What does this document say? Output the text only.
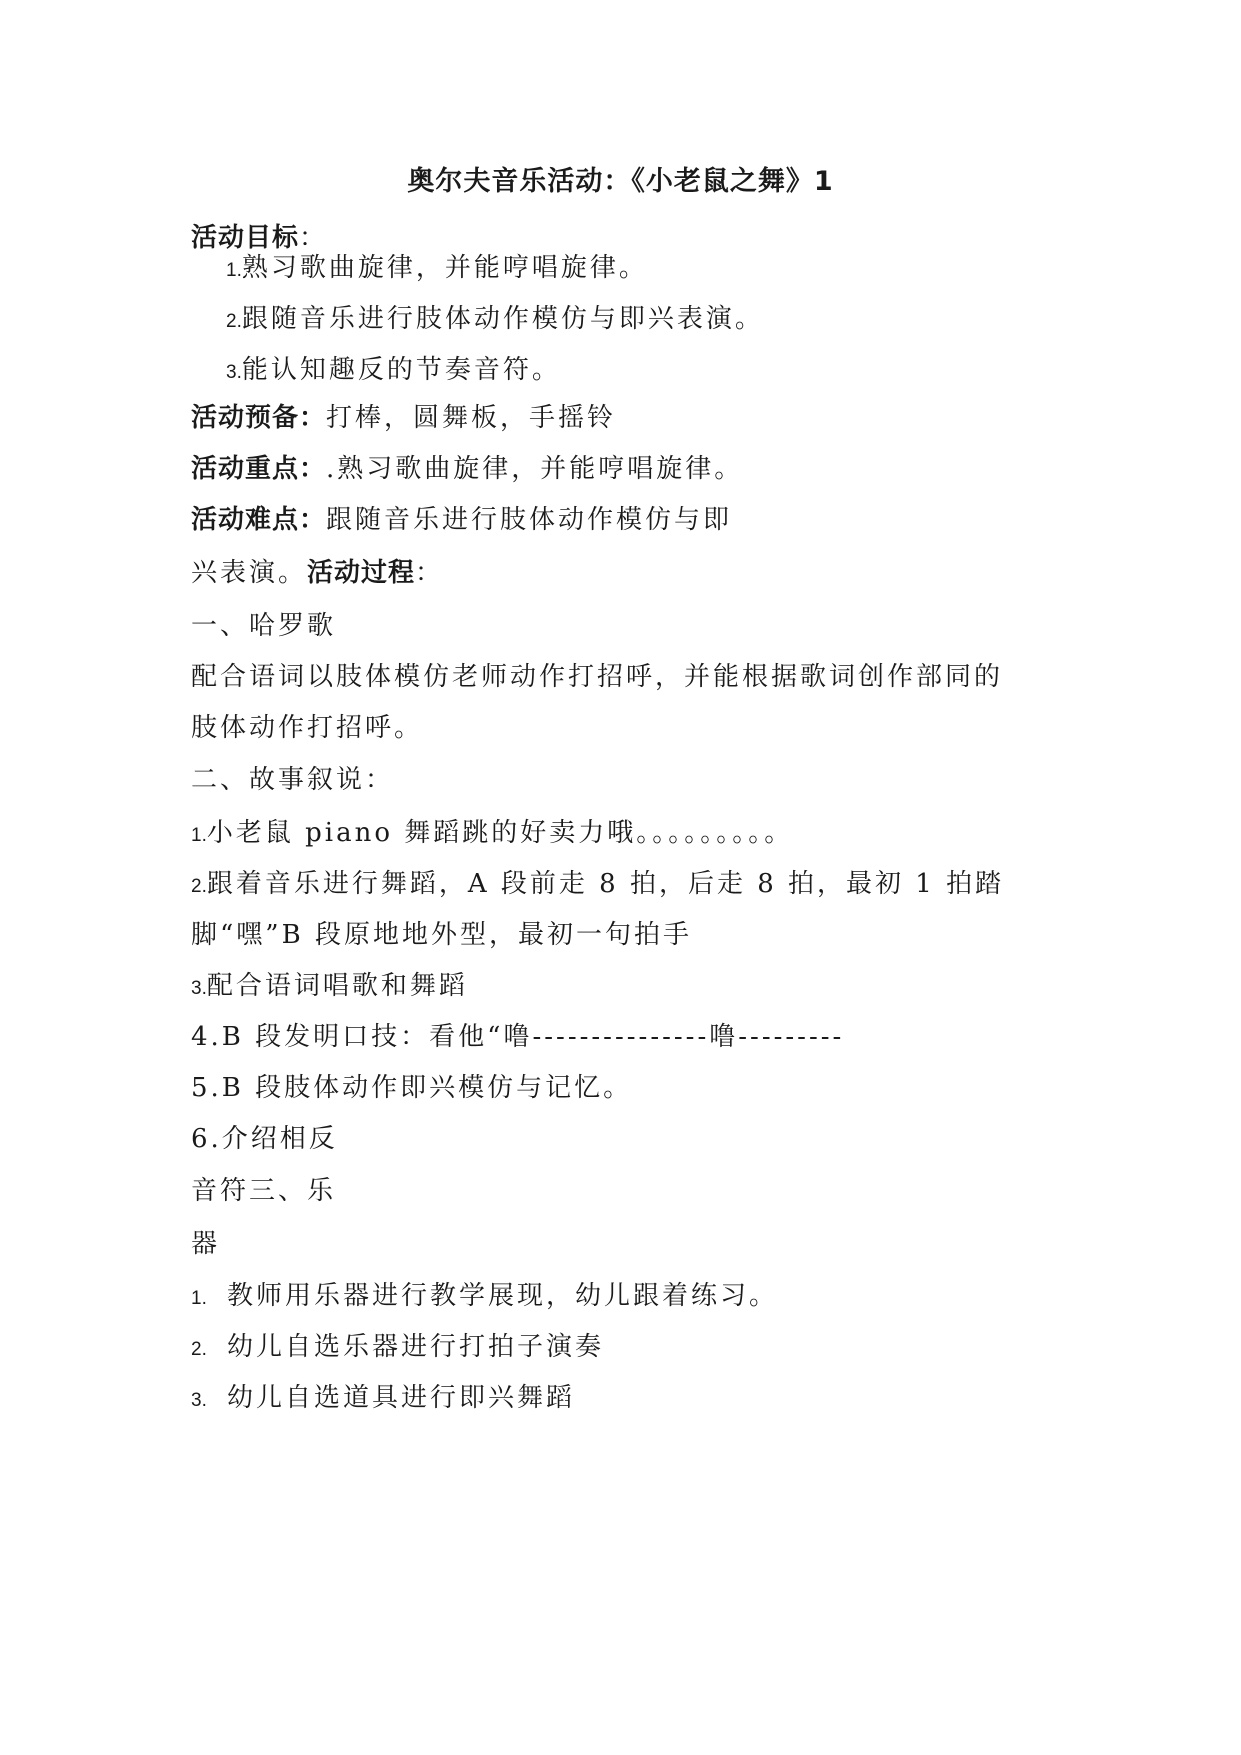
奥尔夫音乐活动：《小老鼠之舞》1
活动目标：
1.熟习歌曲旋律，并能哼唱旋律。
2.跟随音乐进行肢体动作模仿与即兴表演。
3.能认知趣反的节奏音符。
活动预备：打棒，圆舞板，手摇铃
活动重点：.熟习歌曲旋律，并能哼唱旋律。
活动难点：跟随音乐进行肢体动作模仿与即
兴表演。活动过程：
一、哈罗歌
配合语词以肢体模仿老师动作打招呼，并能根据歌词创作部同的
肢体动作打招呼。
二、故事叙说：
1.小老鼠 piano 舞蹈跳的好卖力哦。。。。。。。。。
2.跟着音乐进行舞蹈，A 段前走 8 拍，后走 8 拍，最初 1 拍踏
脚“嘿”B 段原地地外型，最初一句拍手
3.配合语词唱歌和舞蹈
4.B 段发明口技：看他“噜---------------噜---------
5.B 段肢体动作即兴模仿与记忆。
6.介绍相反
音符三、乐
器
1. 教师用乐器进行教学展现，幼儿跟着练习。
2. 幼儿自选乐器进行打拍子演奏
3. 幼儿自选道具进行即兴舞蹈
